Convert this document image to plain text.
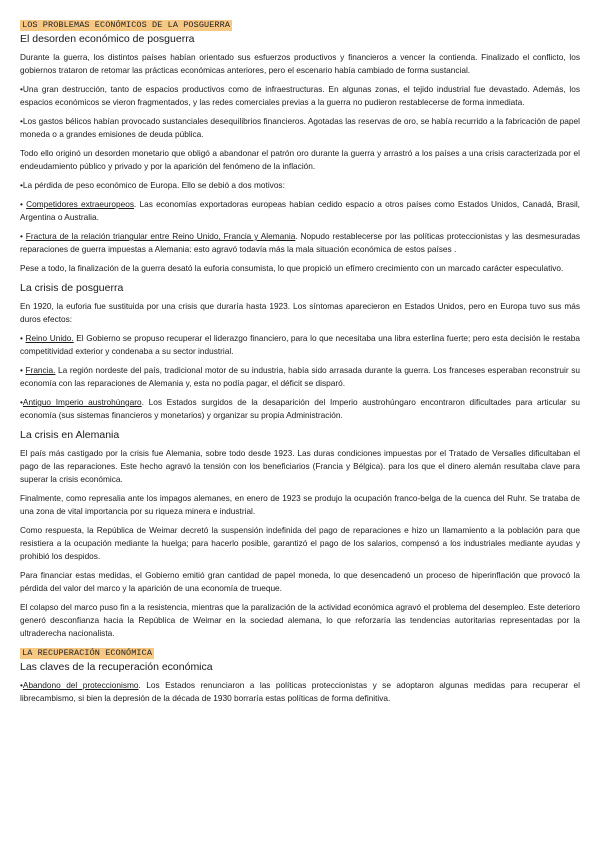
LOS PROBLEMAS ECONÓMICOS DE LA POSGUERRA
El desorden económico de posguerra

Durante la guerra, los distintos países habían orientado sus esfuerzos productivos y financieros a vencer la contienda. Finalizado el conflicto, los gobiernos trataron de retomar las prácticas económicas anteriores, pero el escenario había cambiado de forma sustancial.

•Una gran destrucción, tanto de espacios productivos como de infraestructuras. En algunas zonas, el tejido industrial fue devastado. Además, los espacios económicos se vieron fragmentados, y las redes comerciales previas a la guerra no pudieron restablecerse de forma inmediata.

•Los gastos bélicos habían provocado sustanciales desequilibrios financieros. Agotadas las reservas de oro, se había recurrido a la fabricación de papel moneda o a grandes emisiones de deuda pública.

Todo ello originó un desorden monetario que obligó a abandonar el patrón oro durante la guerra y arrastró a los países a una crisis caracterizada por el endeudamiento público y privado y por la aparición del fenómeno de la inflación.

•La pérdida de peso económico de Europa. Ello se debió a dos motivos:

• Competidores extraeuropeos. Las economías exportadoras europeas habían cedido espacio a otros países como Estados Unidos, Canadá, Brasil, Argentina o Australia.

• Fractura de la relación triangular entre Reino Unido, Francia y Alemania. Nopudo restablecerse por las políticas proteccionistas y las desmesuradas reparaciones de guerra impuestas a Alemania: esto agravó todavía más la mala situación económica de estos países .

Pese a todo, la finalización de la guerra desató la euforia consumista, lo que propició un efímero crecimiento con un marcado carácter especulativo.

La crisis de posguerra

En 1920, la euforia fue sustituida por una crisis que duraría hasta 1923. Los síntomas aparecieron en Estados Unidos, pero en Europa tuvo sus más duros efectos:

• Reino Unido. El Gobierno se propuso recuperar el liderazgo financiero, para lo que necesitaba una libra esterlina fuerte; pero esta decisión le restaba competitividad exterior y condenaba a su sector industrial.

• Francia. La región nordeste del país, tradicional motor de su industria, había sido arrasada durante la guerra. Los franceses esperaban reconstruir su economía con las reparaciones de Alemania y, esta no podía pagar, el déficit se disparó.

•Antiguo Imperio austrohúngaro. Los Estados surgidos de la desaparición del Imperio austrohúngaro encontraron dificultades para articular su economía (sus sistemas financieros y monetarios) y organizar su propia Administración.

La crisis en Alemania

El país más castigado por la crisis fue Alemania, sobre todo desde 1923. Las duras condiciones impuestas por el Tratado de Versalles dificultaban el pago de las reparaciones. Este hecho agravó la tensión con los beneficiarios (Francia y Bélgica). para los que el dinero alemán resultaba clave para superar la crisis económica.

Finalmente, como represalia ante los impagos alemanes, en enero de 1923 se produjo la ocupación franco-belga de la cuenca del Ruhr. Se trataba de una zona de vital importancia por su riqueza minera e industrial.

Como respuesta, la República de Weimar decretó la suspensión indefinida del pago de reparaciones e hizo un llamamiento a la población para que resistiera a la ocupación mediante la huelga; para hacerlo posible, garantizó el pago de los salarios, compensó a los industriales mediante ayudas y prohibió los despidos.

Para financiar estas medidas, el Gobierno emitió gran cantidad de papel moneda, lo que desencadenó un proceso de hiperinflación que provocó la pérdida del valor del marco y la aparición de una economía de trueque.

El colapso del marco puso fin a la resistencia, mientras que la paralización de la actividad económica agravó el problema del desempleo. Este deterioro generó desconfianza hacia la República de Weimar en la sociedad alemana, lo que reforzaría las tendencias autoritarias representadas por la ultraderecha nacionalista.

LA RECUPERACIÓN ECONÓMICA
Las claves de la recuperación económica

•Abandono del proteccionismo. Los Estados renunciaron a las políticas proteccionistas y se adoptaron algunas medidas para recuperar el librecambismo, si bien la depresión de la década de 1930 borraría estas políticas de forma definitiva.
